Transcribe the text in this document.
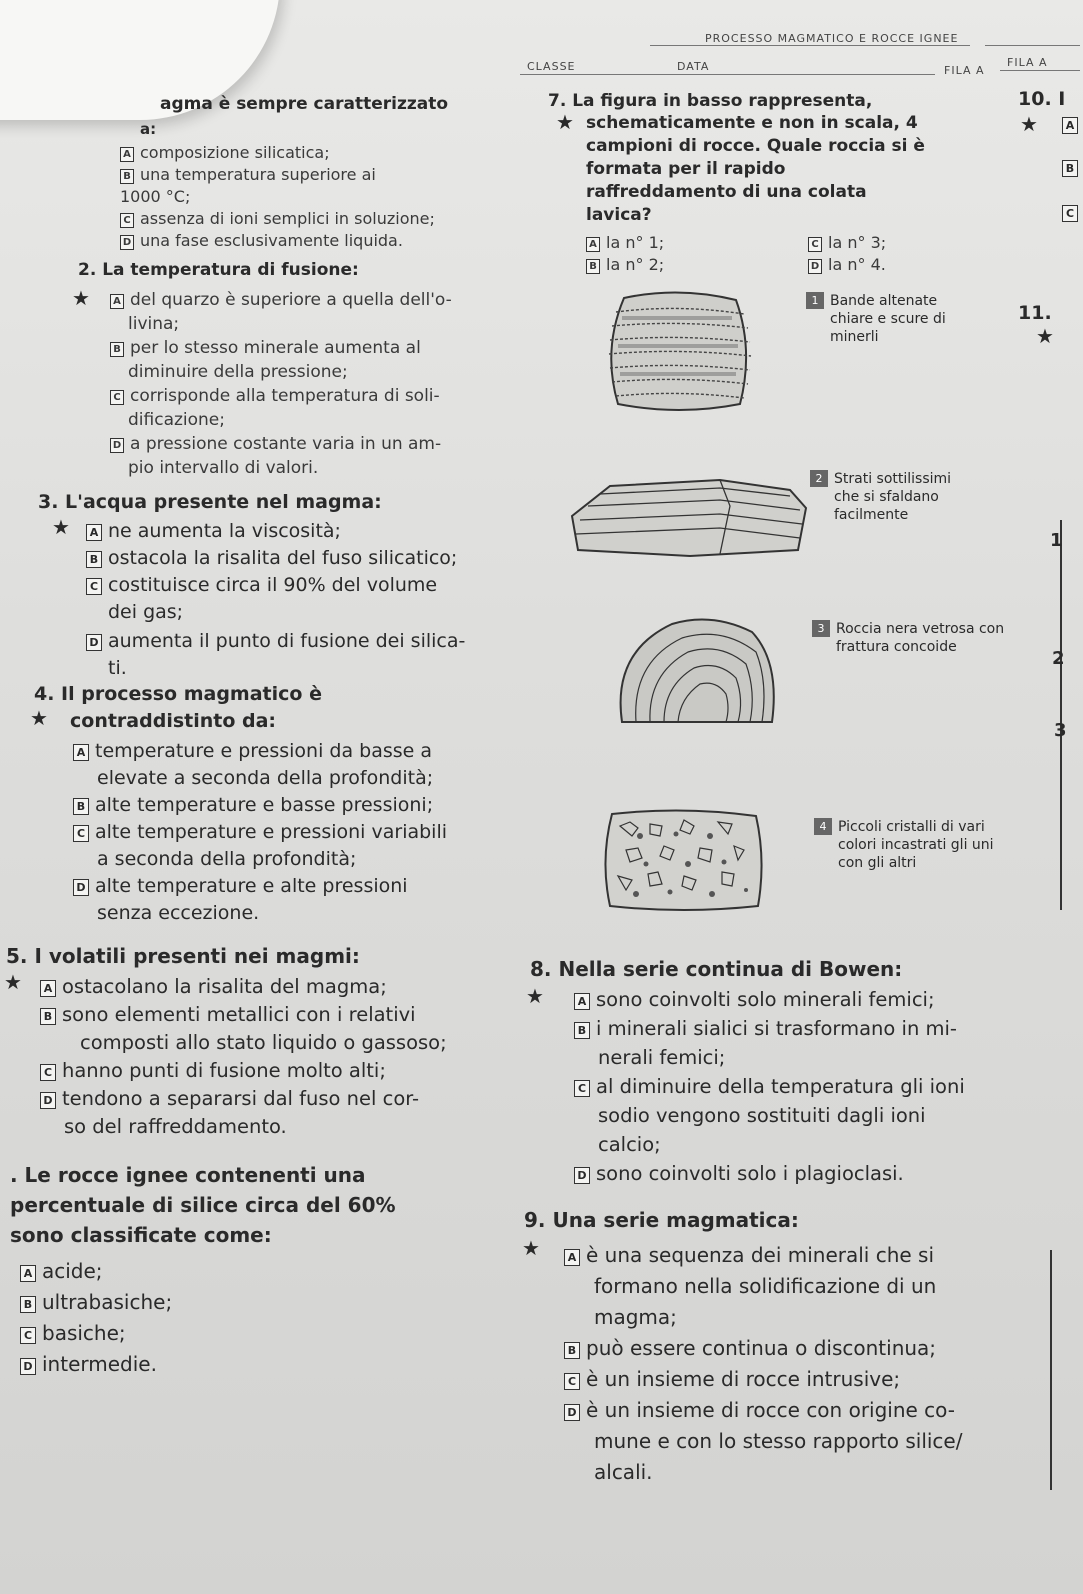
PROCESSO MAGMATICO E ROCCE IGNEE
CLASSE	DATA	FILA A
FILA A
agma è sempre caratterizzato
a:
A composizione silicatica;
B una temperatura superiore ai
1000 °C;
C assenza di ioni semplici in soluzione;
D una fase esclusivamente liquida.
2. La temperatura di fusione:
★	A del quarzo è superiore a quella dell'o-
livina;
B per lo stesso minerale aumenta al
diminuire della pressione;
C corrisponde alla temperatura di soli-
dificazione;
D a pressione costante varia in un am-
pio intervallo di valori.
3. L'acqua presente nel magma:
★	A ne aumenta la viscosità;
B ostacola la risalita del fuso silicatico;
C costituisce circa il 90% del volume
dei gas;
D aumenta il punto di fusione dei silica-
ti.
4. Il processo magmatico è
★ contraddistinto da:
A temperature e pressioni da basse a
elevate a seconda della profondità;
B alte temperature e basse pressioni;
C alte temperature e pressioni variabili
a seconda della profondità;
D alte temperature e alte pressioni
senza eccezione.
5. I volatili presenti nei magmi:
★	A ostacolano la risalita del magma;
B sono elementi metallici con i relativi
composti allo stato liquido o gassoso;
C hanno punti di fusione molto alti;
D tendono a separarsi dal fuso nel cor-
so del raffreddamento.
. Le rocce ignee contenenti una
percentuale di silice circa del 60%
sono classificate come:
A acide;
B ultrabasiche;
C basiche;
D intermedie.
7. La figura in basso rappresenta,
★ schematicamente e non in scala, 4
campioni di rocce. Quale roccia si è
formata per il rapido
raffreddamento di una colata
lavica?
A la n° 1;	C la n° 3;
B la n° 2;	D la n° 4.
1 Bande altenate chiare e scure di minerli
2 Strati sottilissimi che si sfaldano facilmente
3 Roccia nera vetrosa con frattura concoide
4 Piccoli cristalli di vari colori incastrati gli uni con gli altri
8. Nella serie continua di Bowen:
★	A sono coinvolti solo minerali femici;
B i minerali sialici si trasformano in mi-
nerali femici;
C al diminuire della temperatura gli ioni
sodio vengono sostituiti dagli ioni
calcio;
D sono coinvolti solo i plagioclasi.
9. Una serie magmatica:
★	A è una sequenza dei minerali che si
formano nella solidificazione di un
magma;
B può essere continua o discontinua;
C è un insieme di rocce intrusive;
D è un insieme di rocce con origine co-
mune e con lo stesso rapporto silice/
alcali.
10. I
★	A
B
C
11.
★
1
2
3
